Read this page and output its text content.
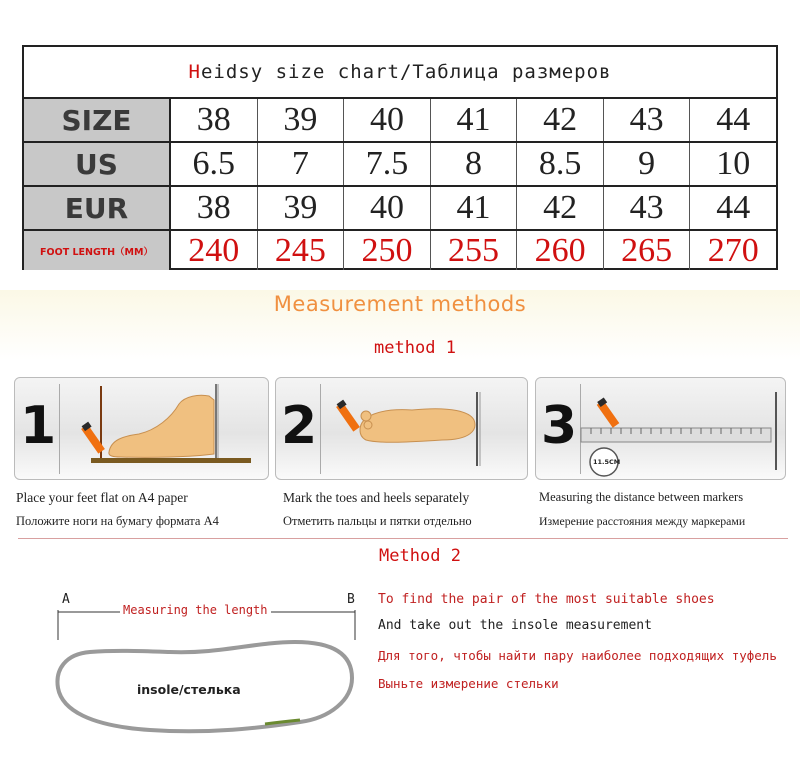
Heidsy size chart/Таблица размеров
SIZE	38	39	40	41	42	43	44
US	6.5	7	7.5	8	8.5	9	10
EUR	38	39	40	41	42	43	44
FOOT LENGTH（MM）	240	245	250	255	260	265	270
Measurement methods
method 1
1	2	3
11.5CM
Place your feet flat on A4 paper
Положите ноги на бумагу формата А4
Mark the toes and heels separately
Отметить пальцы и пятки отдельно
Measuring the distance between markers
Измерение расстояния между маркерами
Method 2
A	B
Measuring the length
insole/стелька
To find the pair of the most suitable shoes
And take out the insole measurement
Для того, чтобы найти пару наиболее подходящих туфель
Выньте измерение стельки
